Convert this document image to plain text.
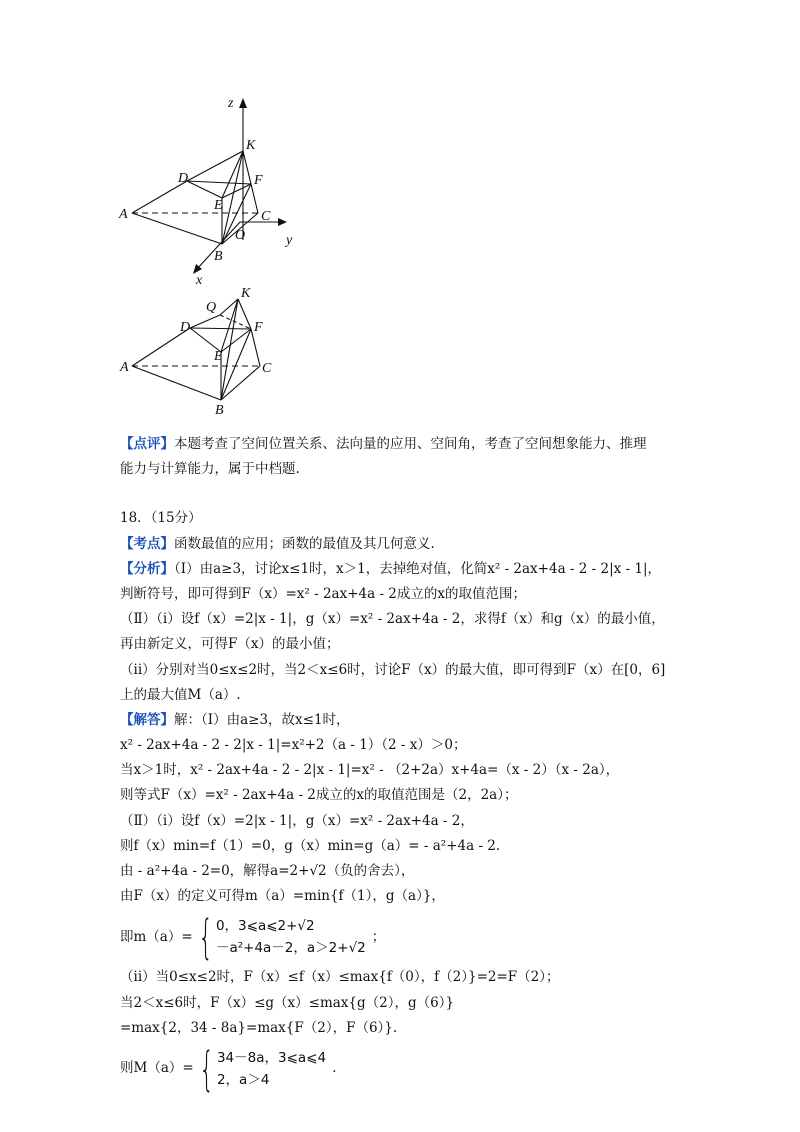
z
K
D	F
E
A	C
O	y
B
x
K
Q
D	F
E
A	C
B
【点评】本题考查了空间位置关系、法向量的应用、空间角，考查了空间想象能力、推理
能力与计算能力，属于中档题.
18．（15分）
【考点】函数最值的应用；函数的最值及其几何意义.
【分析】（Ⅰ）由a≥3，讨论x≤1时，x＞1，去掉绝对值，化简x² - 2ax+4a - 2 - 2|x - 1|，
判断符号，即可得到F（x）=x² - 2ax+4a - 2成立的x的取值范围；
（Ⅱ）（i）设f（x）=2|x - 1|，g（x）=x² - 2ax+4a - 2，求得f（x）和g（x）的最小值，
再由新定义，可得F（x）的最小值；
（ii）分别对当0≤x≤2时，当2＜x≤6时，讨论F（x）的最大值，即可得到F（x）在[0，6]
上的最大值M（a）.
【解答】解：（Ⅰ）由a≥3，故x≤1时，
x² - 2ax+4a - 2 - 2|x - 1|=x²+2（a - 1）（2 - x）＞0；
当x＞1时，x² - 2ax+4a - 2 - 2|x - 1|=x² - （2+2a）x+4a=（x - 2）（x - 2a），
则等式F（x）=x² - 2ax+4a - 2成立的x的取值范围是（2，2a）；
（Ⅱ）（i）设f（x）=2|x - 1|，g（x）=x² - 2ax+4a - 2，
则f（x）min=f（1）=0，g（x）min=g（a）= - a²+4a - 2.
由 - a²+4a - 2=0，解得a=2+√2（负的舍去），
由F（x）的定义可得m（a）=min{f（1），g（a）}，
即m（a）= { 0，3⩽a⩽2+√2
－a²+4a－2，a＞2+√2
；
（ii）当0≤x≤2时，F（x）≤f（x）≤max{f（0），f（2）}=2=F（2）；
当2＜x≤6时，F（x）≤g（x）≤max{g（2），g（6）}
=max{2，34 - 8a}=max{F（2），F（6）}.
则M（a）= { 34－8a，3⩽a⩽4
2，a＞4
.
